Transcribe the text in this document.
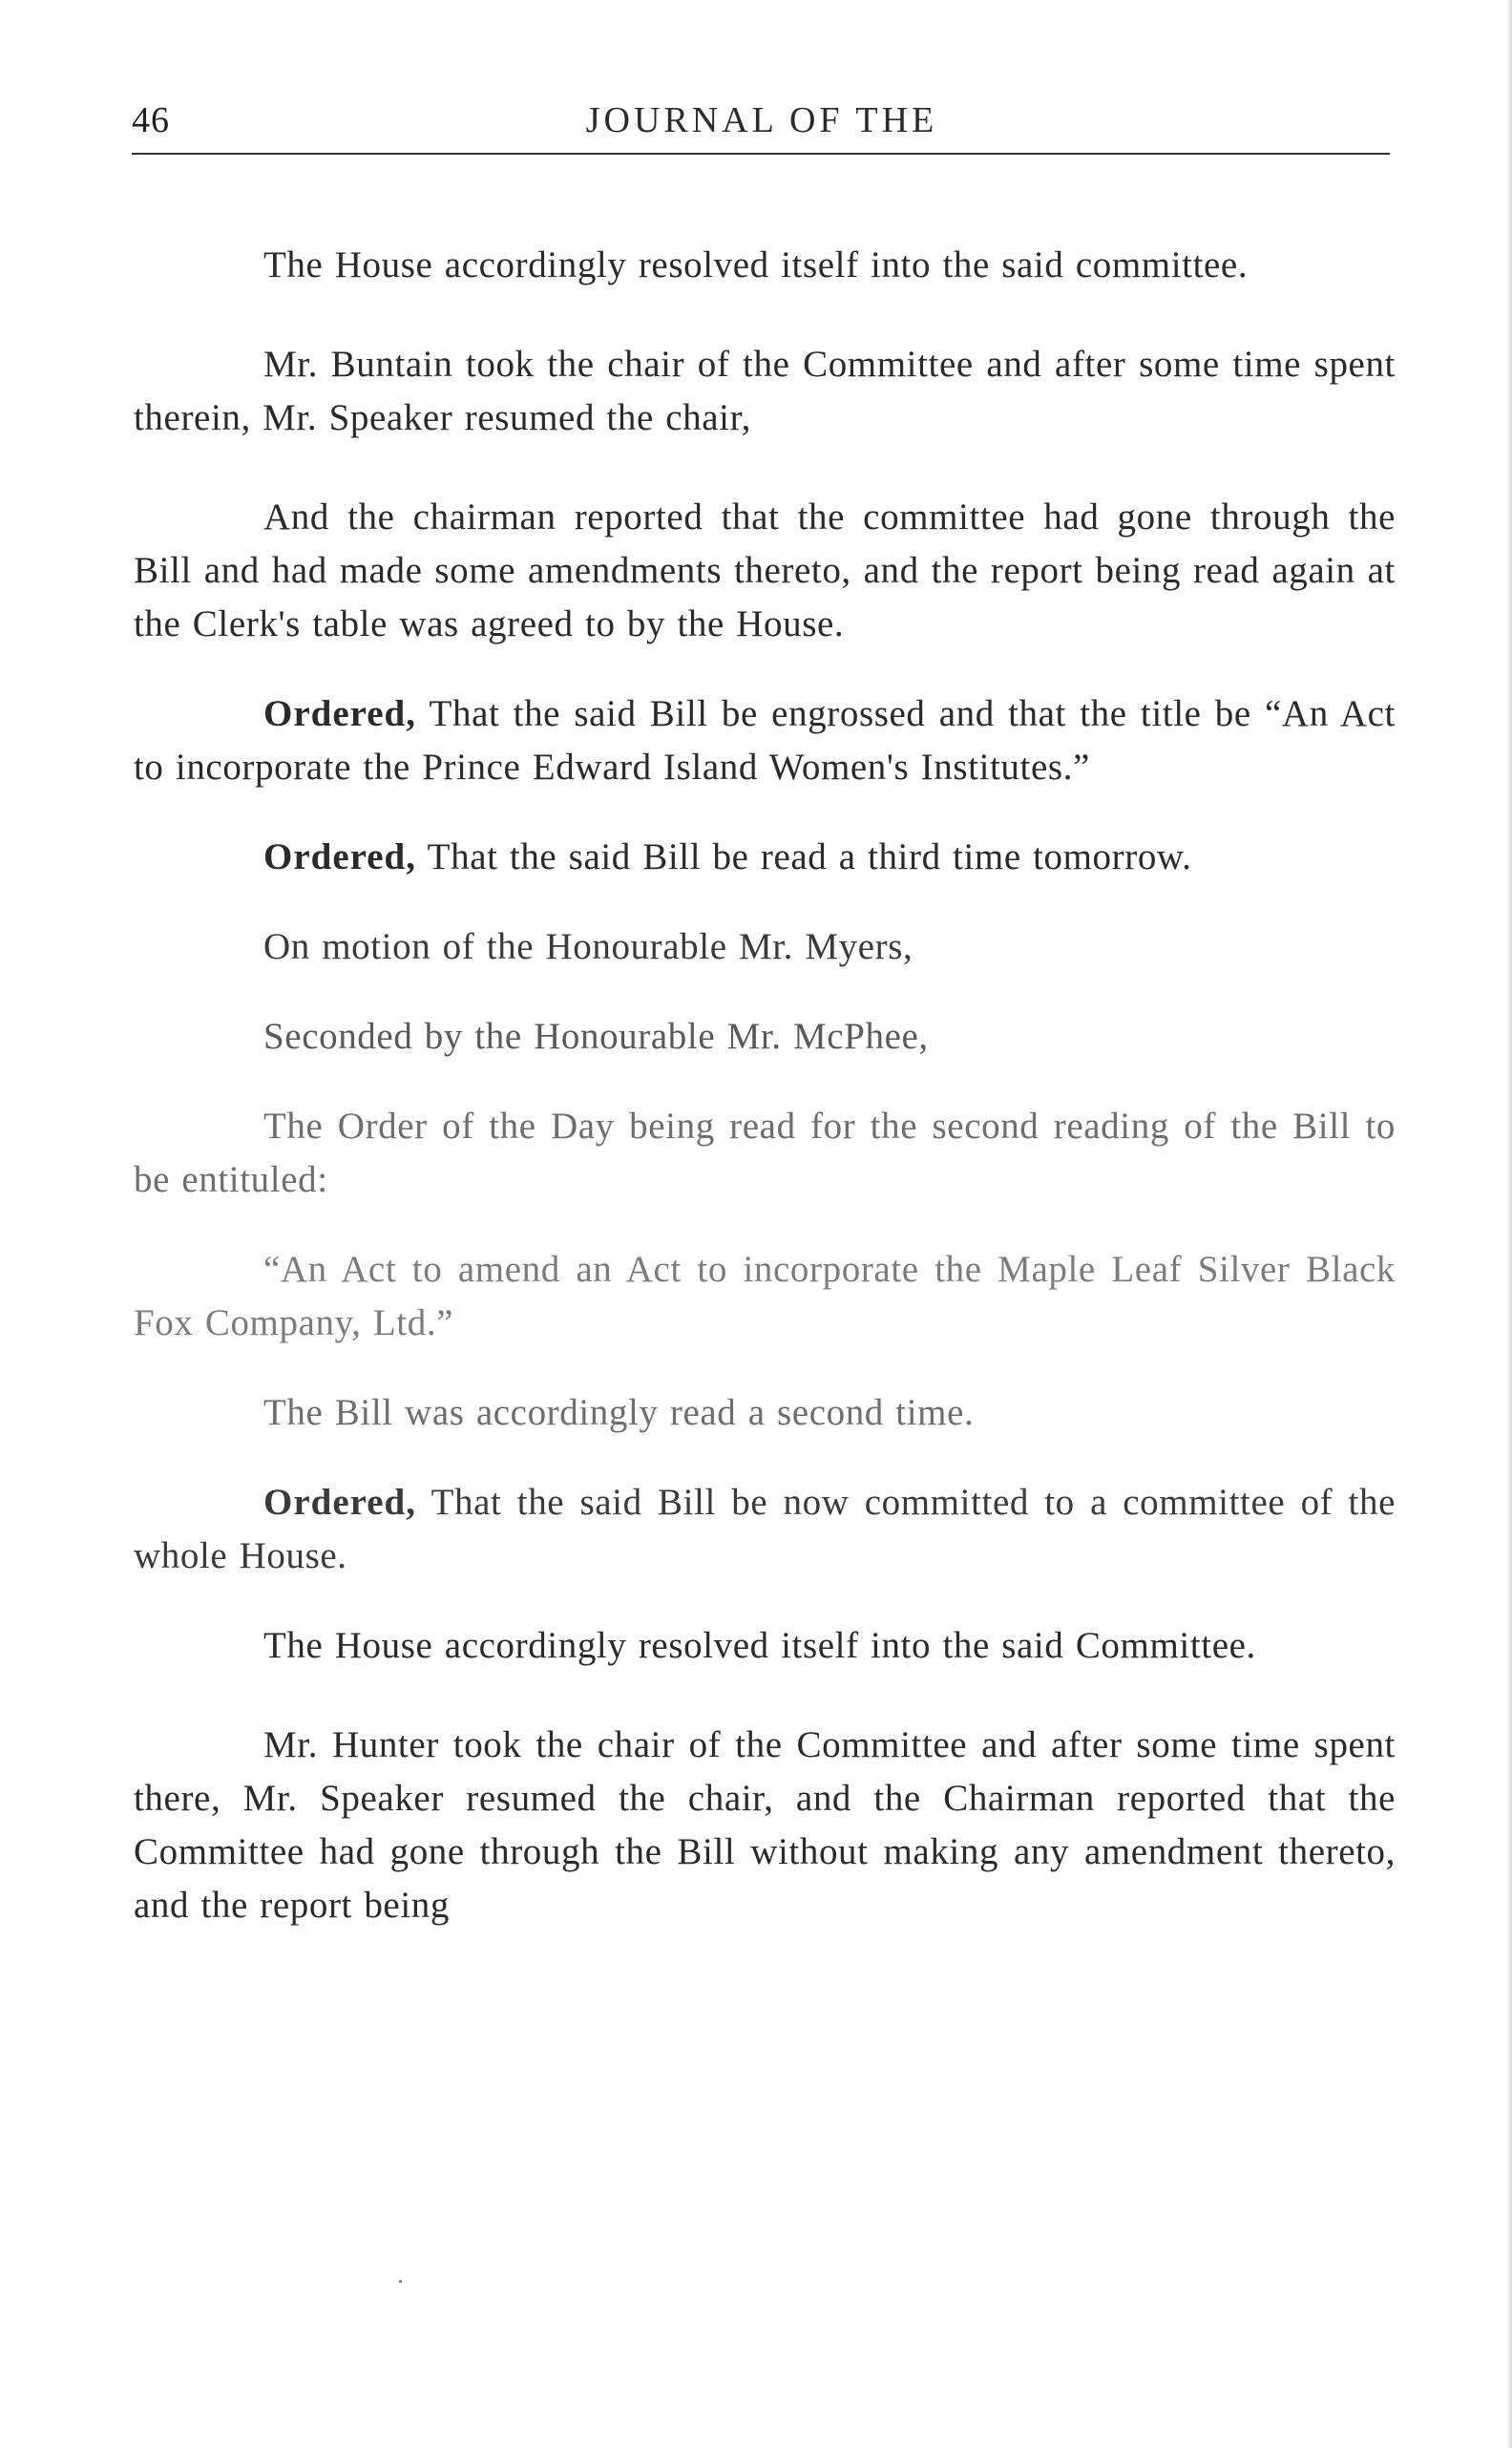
46	JOURNAL OF THE

The House accordingly resolved itself into the said committee.

Mr. Buntain took the chair of the Committee and after some time spent therein, Mr. Speaker resumed the chair,

And the chairman reported that the committee had gone through the Bill and had made some amendments thereto, and the report being read again at the Clerk's table was agreed to by the House.

Ordered, That the said Bill be engrossed and that the title be “An Act to incorporate the Prince Edward Island Women's Institutes.”

Ordered, That the said Bill be read a third time tomorrow.

On motion of the Honourable Mr. Myers,

Seconded by the Honourable Mr. McPhee,

The Order of the Day being read for the second reading of the Bill to be entituled:

“An Act to amend an Act to incorporate the Maple Leaf Silver Black Fox Company, Ltd.”

The Bill was accordingly read a second time.

Ordered, That the said Bill be now committed to a committee of the whole House.

The House accordingly resolved itself into the said Committee.

Mr. Hunter took the chair of the Committee and after some time spent there, Mr. Speaker resumed the chair, and the Chairman reported that the Committee had gone through the Bill without making any amendment thereto, and the report being
